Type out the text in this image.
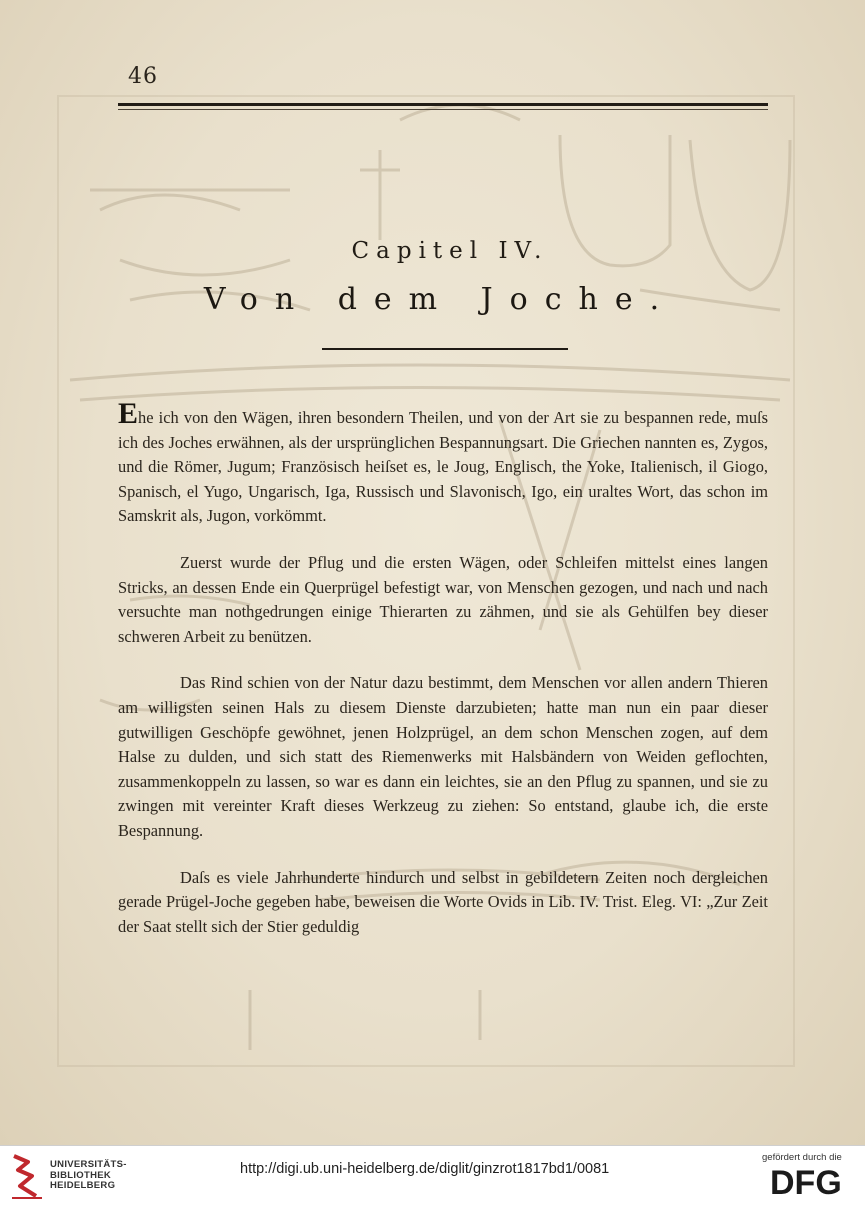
46
Capitel IV.
Von dem Joche.

Ehe ich von den Wägen, ihren besondern Theilen, und von der Art sie zu bespannen rede, muſs ich des Joches erwähnen, als der ursprünglichen Bespannungsart. Die Griechen nannten es, Zygos, und die Römer, Jugum; Französisch heiſset es, le Joug, Englisch, the Yoke, Italienisch, il Giogo, Spanisch, el Yugo, Ungarisch, Iga, Russisch und Slavonisch, Igo, ein uraltes Wort, das schon im Samskrit als, Jugon, vorkömmt.

Zuerst wurde der Pflug und die ersten Wägen, oder Schleifen mittelst eines langen Stricks, an dessen Ende ein Querprügel befestigt war, von Menschen gezogen, und nach und nach versuchte man nothgedrungen einige Thierarten zu zähmen, und sie als Gehülfen bey dieser schweren Arbeit zu benützen.

Das Rind schien von der Natur dazu bestimmt, dem Menschen vor allen andern Thieren am willigsten seinen Hals zu diesem Dienste darzubieten; hatte man nun ein paar dieser gutwilligen Geschöpfe gewöhnet, jenen Holzprügel, an dem schon Menschen zogen, auf dem Halse zu dulden, und sich statt des Riemenwerks mit Halsbändern von Weiden geflochten, zusammenkoppeln zu lassen, so war es dann ein leichtes, sie an den Pflug zu spannen, und sie zu zwingen mit vereinter Kraft dieses Werkzeug zu ziehen: So entstand, glaube ich, die erste Bespannung.

Daſs es viele Jahrhunderte hindurch und selbst in gebildetern Zeiten noch dergleichen gerade Prügel-Joche gegeben habe, beweisen die Worte Ovids in Lib. IV. Trist. Eleg. VI: „Zur Zeit der Saat stellt sich der Stier geduldig

UNIVERSITÄTS-
BIBLIOTHEK
HEIDELBERG
http://digi.ub.uni-heidelberg.de/diglit/ginzrot1817bd1/0081
gefördert durch die
DFG
